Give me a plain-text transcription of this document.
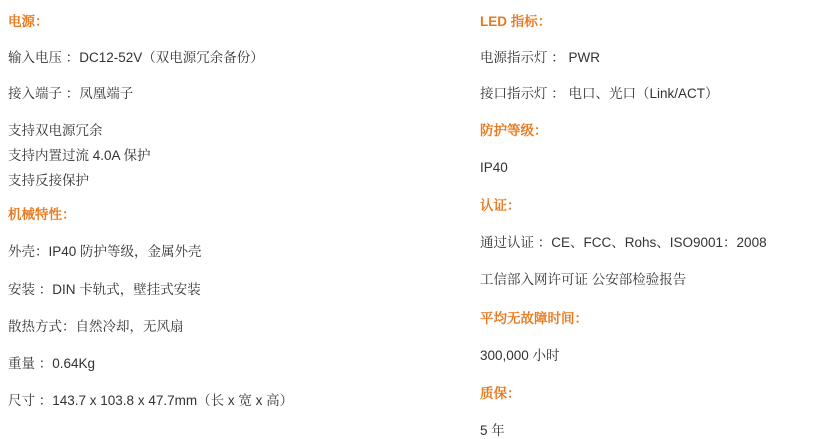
电源：
输入电压 ：DC12-52V（双电源冗余备份）
接入端子 ：凤凰端子
支持双电源冗余
支持内置过流 4.0A 保护
支持反接保护
机械特性：
外壳：IP40 防护等级，金属外壳
安装 ：DIN 卡轨式，壁挂式安装
散热方式：自然冷却，无风扇
重量 ：0.64Kg
尺寸 ：143.7 x 103.8 x 47.7mm（长 x 宽 x 高）
LED 指标：
电源指示灯 ： PWR
接口指示灯 ： 电口、光口（Link/ACT）
防护等级：
IP40
认证：
通过认证 ：CE、FCC、Rohs、ISO9001：2008
工信部入网许可证 公安部检验报告
平均无故障时间：
300,000 小时
质保：
5 年
